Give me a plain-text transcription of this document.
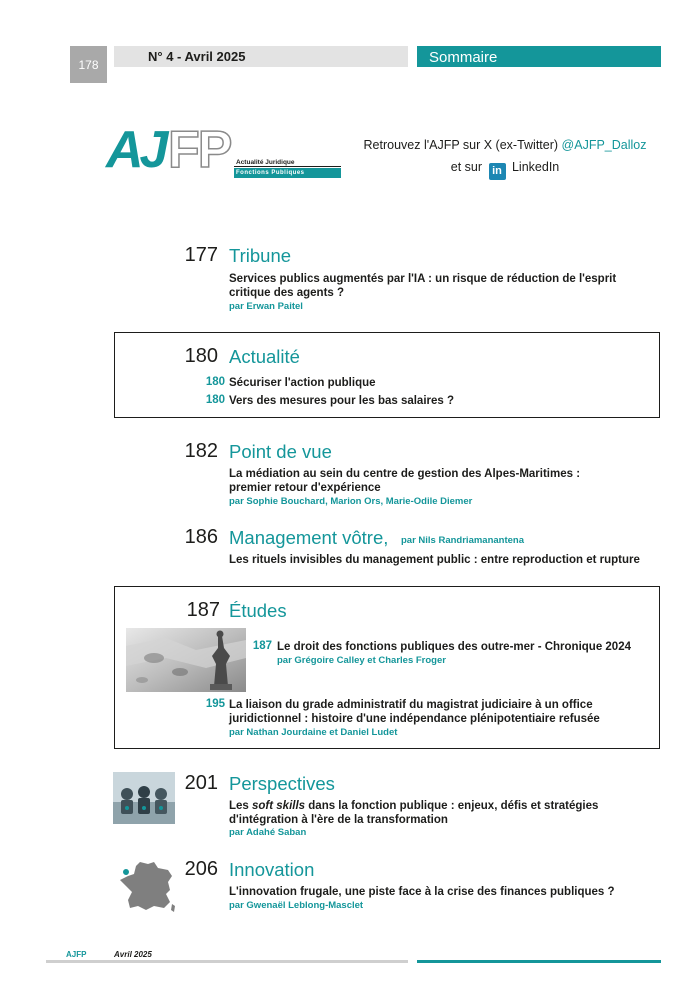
178
N° 4 - Avril 2025	Sommaire
AJ FP Actualité Juridique
Fonctions Publiques
Retrouvez l'AJFP sur X (ex-Twitter) @AJFP_Dalloz
et sur in LinkedIn
177 Tribune
Services publics augmentés par l'IA : un risque de réduction de l'esprit
critique des agents ?
par Erwan Paitel
180 Actualité
180 Sécuriser l'action publique
180 Vers des mesures pour les bas salaires ?
182 Point de vue
La médiation au sein du centre de gestion des Alpes-Maritimes :
premier retour d'expérience
par Sophie Bouchard, Marion Ors, Marie-Odile Diemer
186 Management vôtre, par Nils Randriamanantena
Les rituels invisibles du management public : entre reproduction et rupture
187 Études
187 Le droit des fonctions publiques des outre-mer - Chronique 2024
par Grégoire Calley et Charles Froger
195 La liaison du grade administratif du magistrat judiciaire à un office
juridictionnel : histoire d'une indépendance plénipotentiaire refusée
par Nathan Jourdaine et Daniel Ludet
201 Perspectives
Les soft skills dans la fonction publique : enjeux, défis et stratégies
d'intégration à l'ère de la transformation
par Adahé Saban
206 Innovation
L'innovation frugale, une piste face à la crise des finances publiques ?
par Gwenaël Leblong-Masclet
AJFP	Avril 2025
